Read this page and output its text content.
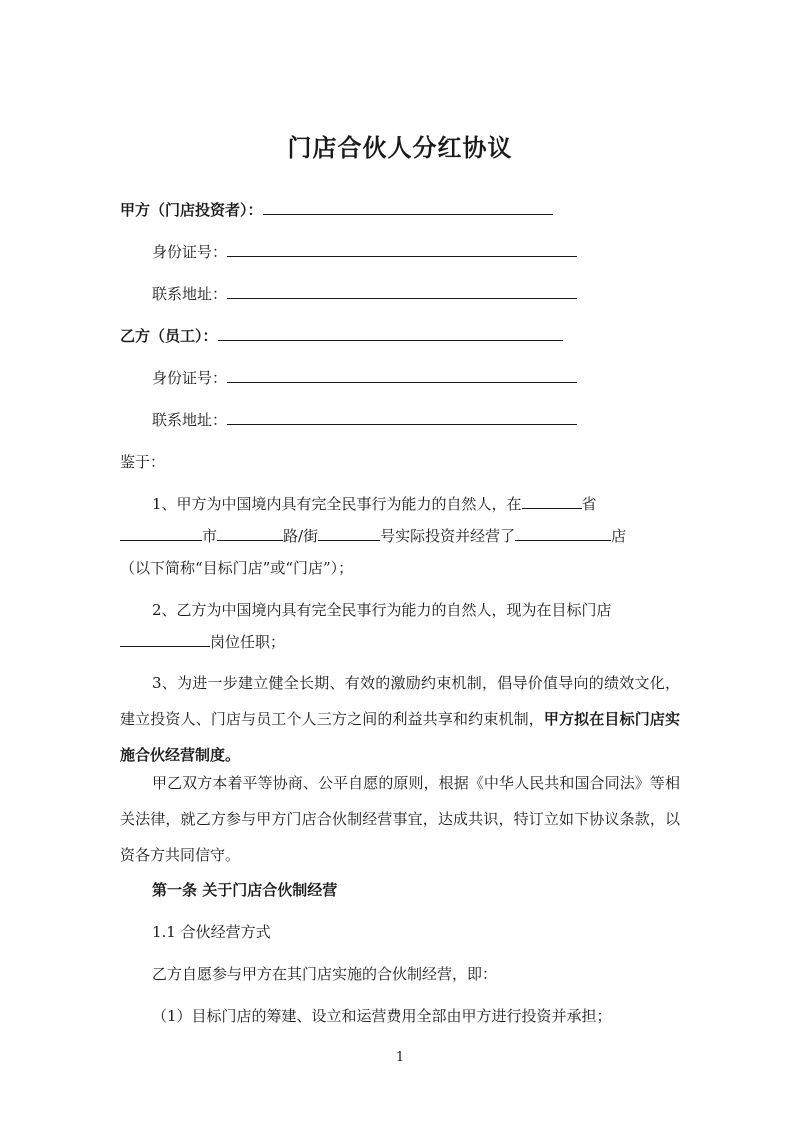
门店合伙人分红协议
甲方（门店投资者）：
身份证号：
联系地址：
乙方（员工）：
身份证号：
联系地址：
鉴于：
1、甲方为中国境内具有完全民事行为能力的自然人，在	省
市	路/街	号实际投资并经营了	店
（以下简称“目标门店”或“门店”）；
2、乙方为中国境内具有完全民事行为能力的自然人，现为在目标门店
岗位任职；

3、为进一步建立健全长期、有效的激励约束机制，倡导价值导向的绩效文化，建立投资人、门店与员工个人三方之间的利益共享和约束机制，甲方拟在目标门店实施合伙经营制度。

甲乙双方本着平等协商、公平自愿的原则，根据《中华人民共和国合同法》等相关法律，就乙方参与甲方门店合伙制经营事宜，达成共识，特订立如下协议条款，以资各方共同信守。

第一条 关于门店合伙制经营
1.1 合伙经营方式
乙方自愿参与甲方在其门店实施的合伙制经营，即：
（1）目标门店的筹建、设立和运营费用全部由甲方进行投资并承担；
1
